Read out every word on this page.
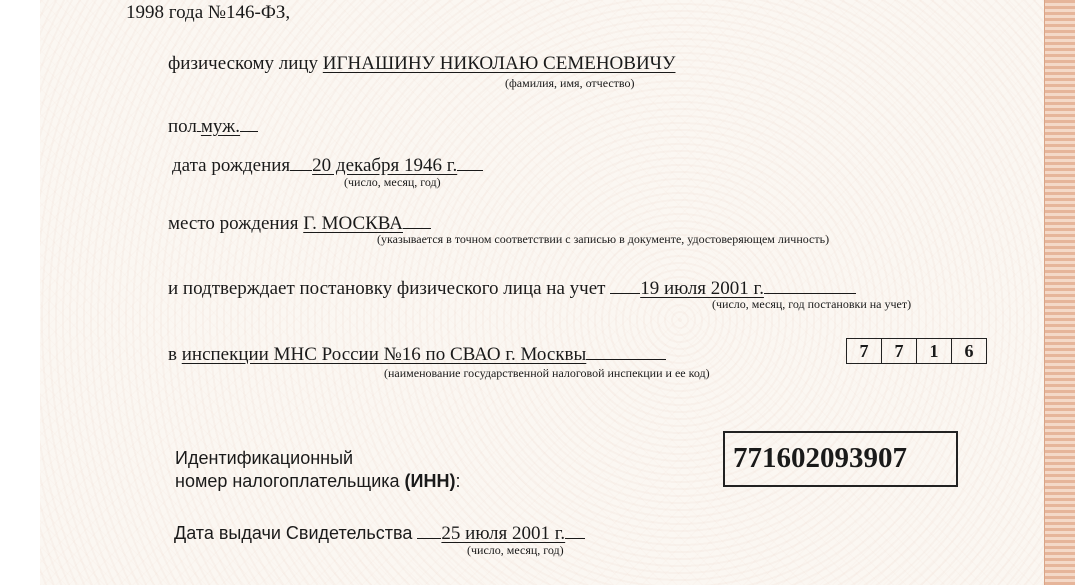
1998 года №146-ФЗ,
физическому лицу ИГНАШИНУ НИКОЛАЮ СЕМЕНОВИЧУ
(фамилия, имя, отчество)
пол муж.
дата рождения 20 декабря 1946 г.
(число, месяц, год)
место рождения Г. МОСКВА
(указывается в точном соответствии с записью в документе, удостоверяющем личность)
и подтверждает постановку физического лица на учет 19 июля 2001 г.
(число, месяц, год постановки на учет)
в инспекции МНС России №16 по СВАО г. Москвы	7	7	1	6
(наименование государственной налоговой инспекции и ее код)
Идентификационный
номер налогоплательщика (ИНН):
771602093907
Дата выдачи Свидетельства 25 июля 2001 г.
(число, месяц, год)
